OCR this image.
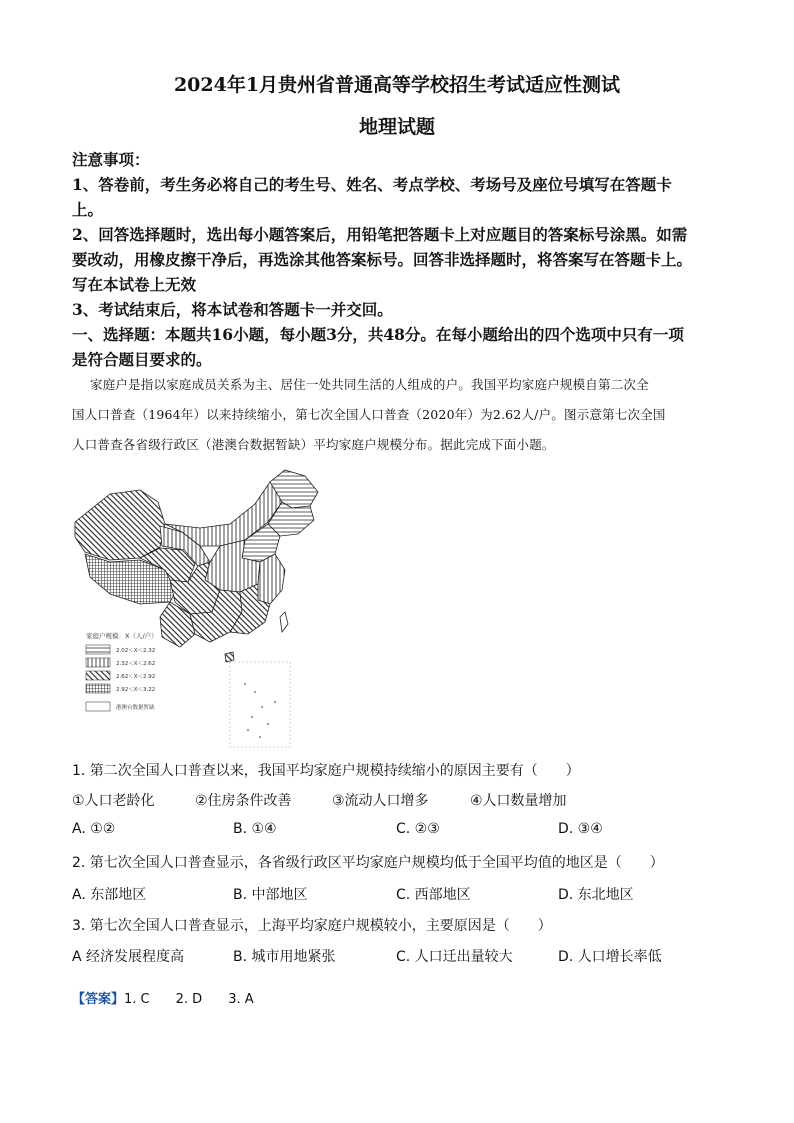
2024年1月贵州省普通高等学校招生考试适应性测试
地理试题
注意事项：
1、答卷前，考生务必将自己的考生号、姓名、考点学校、考场号及座位号填写在答题卡
上。
2、回答选择题时，选出每小题答案后，用铅笔把答题卡上对应题目的答案标号涂黑。如需
要改动，用橡皮擦干净后，再选涂其他答案标号。回答非选择题时，将答案写在答题卡上。
写在本试卷上无效
3、考试结束后，将本试卷和答题卡一并交回。
一、选择题：本题共16小题，每小题3分，共48分。在每小题给出的四个选项中只有一项
是符合题目要求的。
家庭户是指以家庭成员关系为主、居住一处共同生活的人组成的户。我国平均家庭户规模自第二次全
国人口普查（1964年）以来持续缩小，第七次全国人口普查（2020年）为2.62人/户。图示意第七次全国
人口普查各省级行政区（港澳台数据暂缺）平均家庭户规模分布。据此完成下面小题。
家庭户规模：X（人/户）
2.02＜X＜2.32
2.32＜X＜2.62
2.62＜X＜2.92
2.92＜X＜3.22
港澳台数据暂缺
1. 第二次全国人口普查以来，我国平均家庭户规模持续缩小的原因主要有（　　）
①人口老龄化	②住房条件改善	③流动人口增多	④人口数量增加
A. ①②	B. ①④	C. ②③	D. ③④
2. 第七次全国人口普查显示，各省级行政区平均家庭户规模均低于全国平均值的地区是（　　）
A. 东部地区	B. 中部地区	C. 西部地区	D. 东北地区
3. 第七次全国人口普查显示，上海平均家庭户规模较小，主要原因是（　　）
A 经济发展程度高	B. 城市用地紧张	C. 人口迁出量较大	D. 人口增长率低
【答案】1. C 2. D 3. A
